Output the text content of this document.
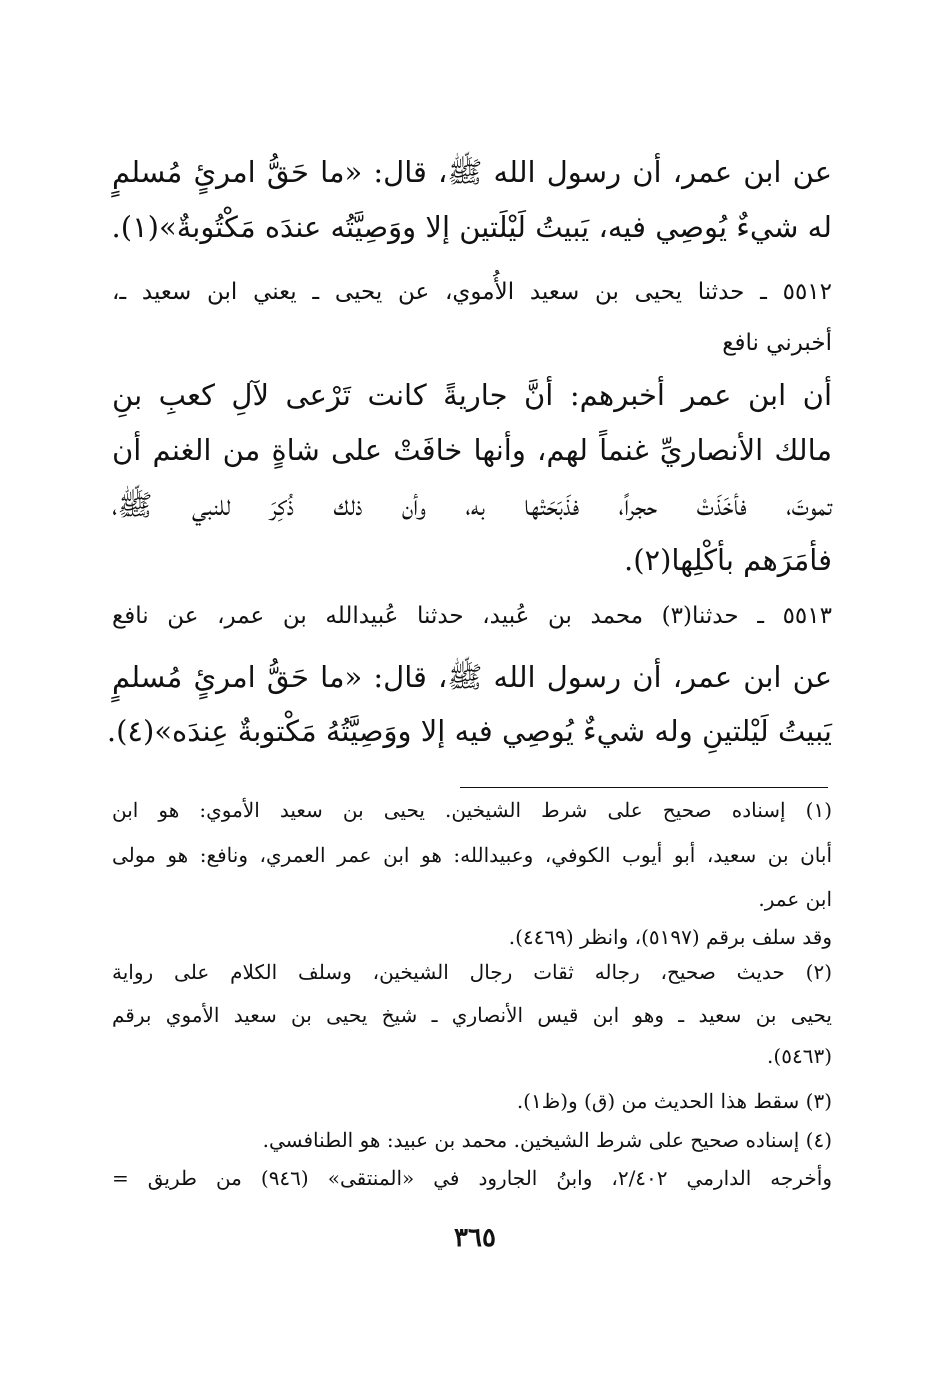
عن ابن عمر، أن رسول الله ﷺ، قال: «ما حَقُّ امرئٍ مُسلمٍ
له شيءٌ يُوصِي فيه، يَبيتُ لَيْلَتين إلا ووَصِيَّتُه عندَه مَكْتُوبةٌ»(١).
٥٥١٢ ـ حدثنا يحيى بن سعيد الأُموي، عن يحيى ـ يعني ابن سعيد ـ،
أخبرني نافع
أن ابن عمر أخبرهم: أنَّ جاريةً كانت تَرْعى لآلِ كعبِ بنِ
مالك الأنصاريِّ غنماً لهم، وأنها خافَتْ على شاةٍ من الغنم أن
تموتَ، فأخَذَتْ حجراً، فذَبَحَتْها به، وأن ذلك ذُكِرَ للنبي ﷺ،
فأمَرَهم بأكْلِها(٢).
٥٥١٣ ـ حدثنا(٣) محمد بن عُبيد، حدثنا عُبيدالله بن عمر، عن نافع
عن ابن عمر، أن رسول الله ﷺ، قال: «ما حَقُّ امرئٍ مُسلمٍ
يَبيتُ لَيْلتينِ وله شيءٌ يُوصِي فيه إلا ووَصِيَّتُهُ مَكْتوبةٌ عِندَه»(٤).
(١) إسناده صحيح على شرط الشيخين. يحيى بن سعيد الأموي: هو ابن
أبان بن سعيد، أبو أيوب الكوفي، وعبيدالله: هو ابن عمر العمري، ونافع: هو مولى
ابن عمر.
وقد سلف برقم (٥١٩٧)، وانظر (٤٤٦٩).
(٢) حديث صحيح، رجاله ثقات رجال الشيخين، وسلف الكلام على رواية
يحيى بن سعيد ـ وهو ابن قيس الأنصاري ـ شيخ يحيى بن سعيد الأموي برقم
(٥٤٦٣).
(٣) سقط هذا الحديث من (ق) و(ظ١).
(٤) إسناده صحيح على شرط الشيخين. محمد بن عبيد: هو الطنافسي.
وأخرجه الدارمي ٢/٤٠٢، وابنُ الجارود في «المنتقى» (٩٤٦) من طريق =
٣٦٥
